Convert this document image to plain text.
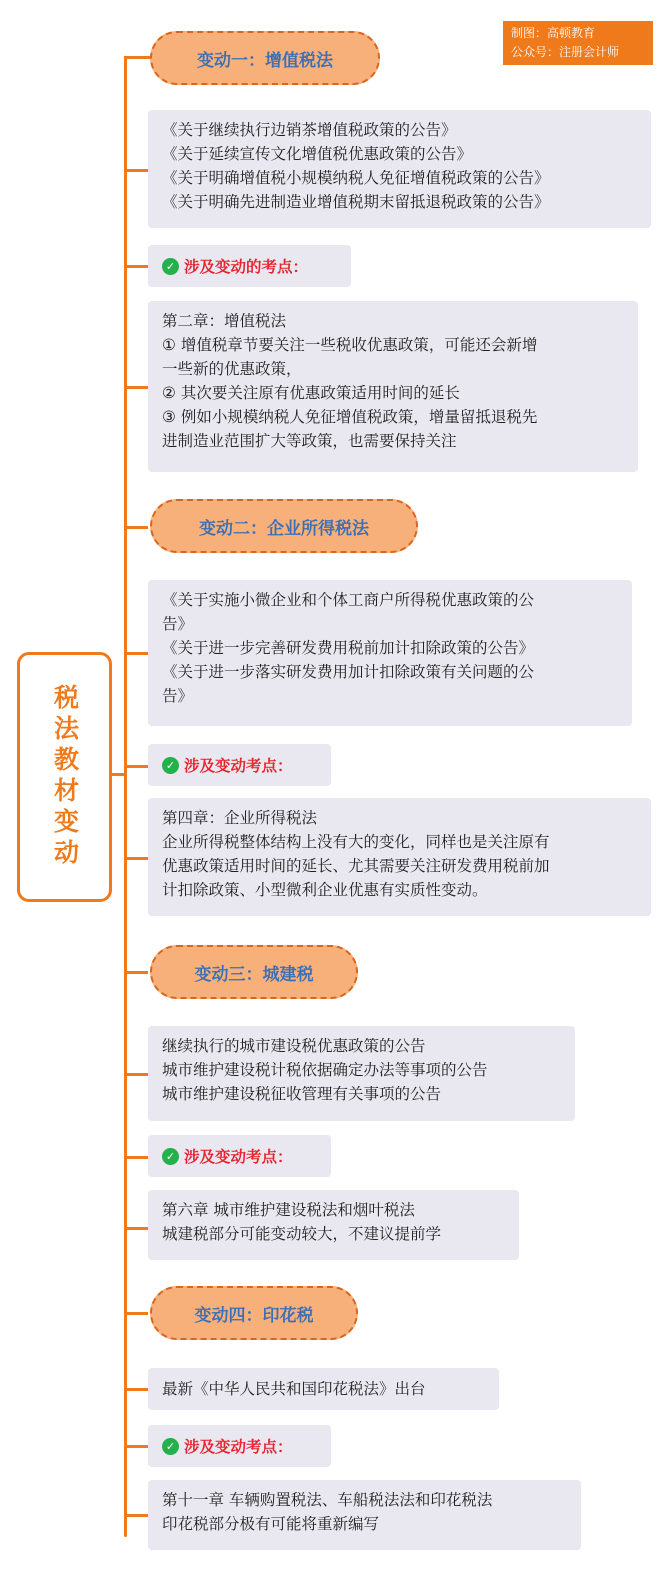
税法教材变动
制图：高顿教育
公众号：注册会计师
变动一：增值税法
《关于继续执行边销茶增值税政策的公告》
《关于延续宣传文化增值税优惠政策的公告》
《关于明确增值税小规模纳税人免征增值税政策的公告》
《关于明确先进制造业增值税期末留抵退税政策的公告》
✓ 涉及变动的考点：
第二章：增值税法
① 增值税章节要关注一些税收优惠政策，可能还会新增
一些新的优惠政策，
② 其次要关注原有优惠政策适用时间的延长
③ 例如小规模纳税人免征增值税政策，增量留抵退税先
进制造业范围扩大等政策，也需要保持关注
变动二：企业所得税法
《关于实施小微企业和个体工商户所得税优惠政策的公
告》
《关于进一步完善研发费用税前加计扣除政策的公告》
《关于进一步落实研发费用加计扣除政策有关问题的公
告》
✓ 涉及变动考点：
第四章：企业所得税法
企业所得税整体结构上没有大的变化，同样也是关注原有
优惠政策适用时间的延长、尤其需要关注研发费用税前加
计扣除政策、小型微利企业优惠有实质性变动。
变动三：城建税
继续执行的城市建设税优惠政策的公告
城市维护建设税计税依据确定办法等事项的公告
城市维护建设税征收管理有关事项的公告
✓ 涉及变动考点：
第六章 城市维护建设税法和烟叶税法
城建税部分可能变动较大，不建议提前学
变动四：印花税
最新《中华人民共和国印花税法》出台
✓ 涉及变动考点：
第十一章 车辆购置税法、车船税法法和印花税法
印花税部分极有可能将重新编写
